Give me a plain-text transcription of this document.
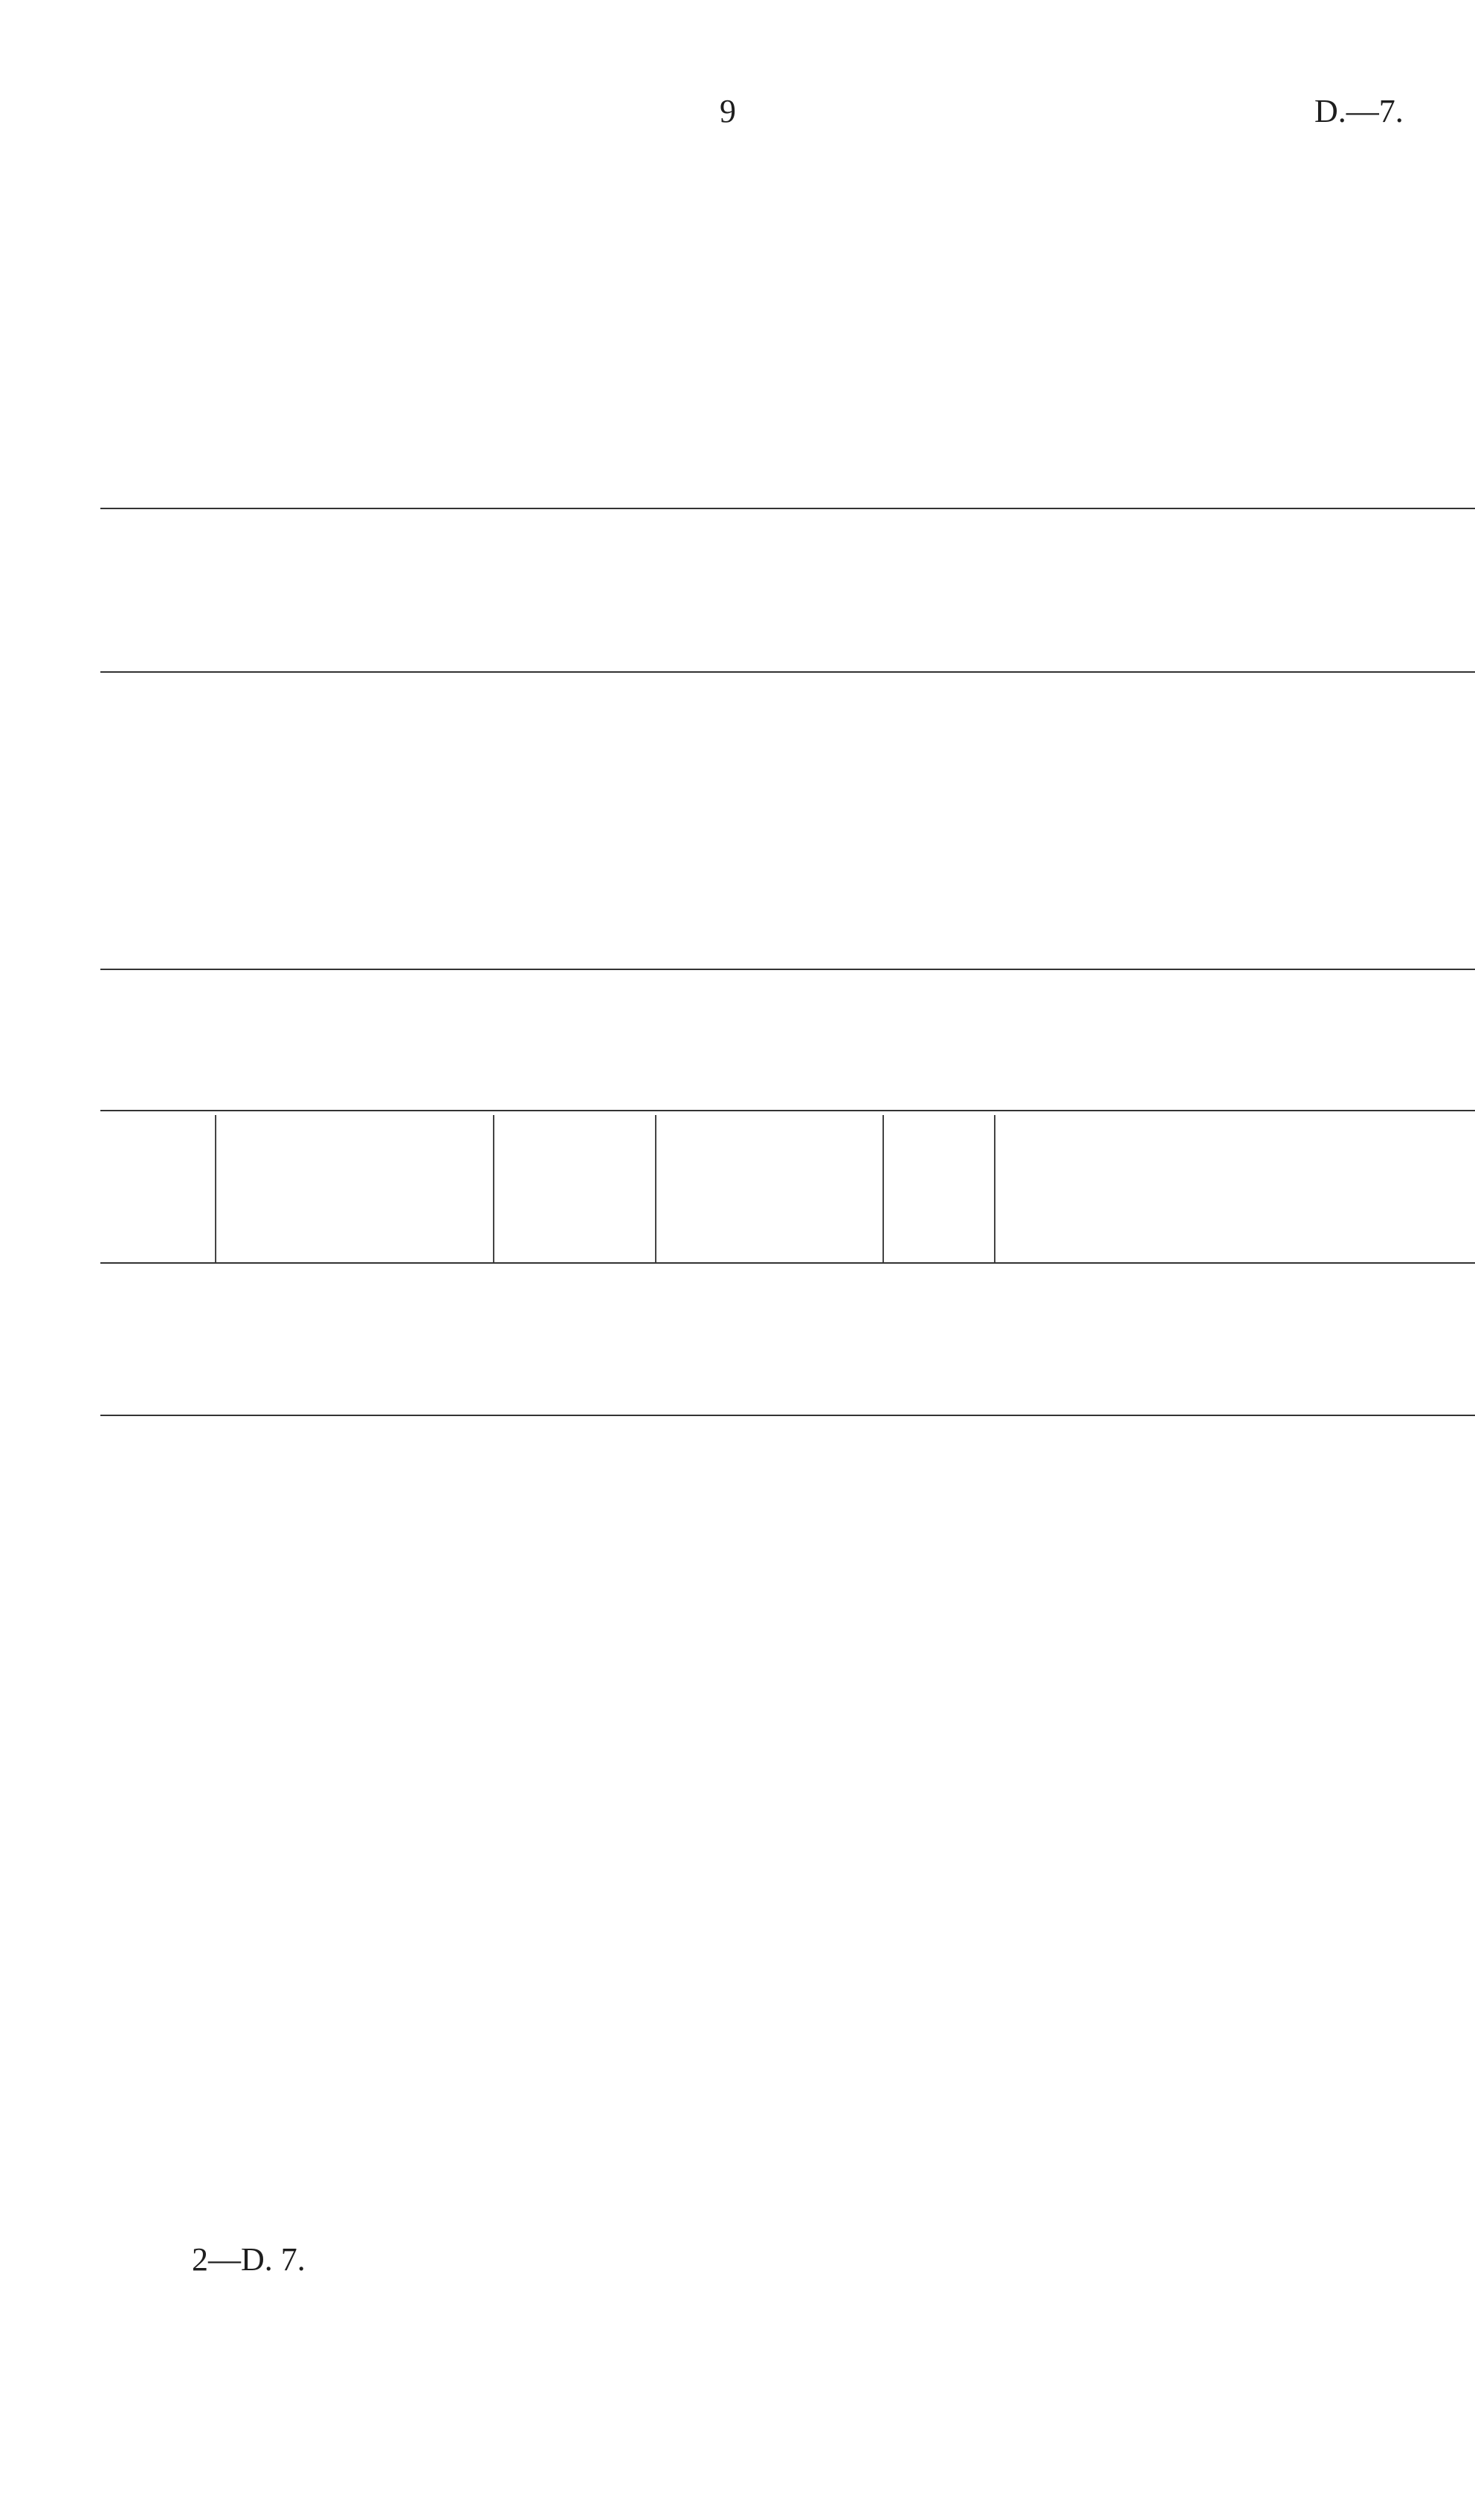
9	D.—7.
2—D. 7.
